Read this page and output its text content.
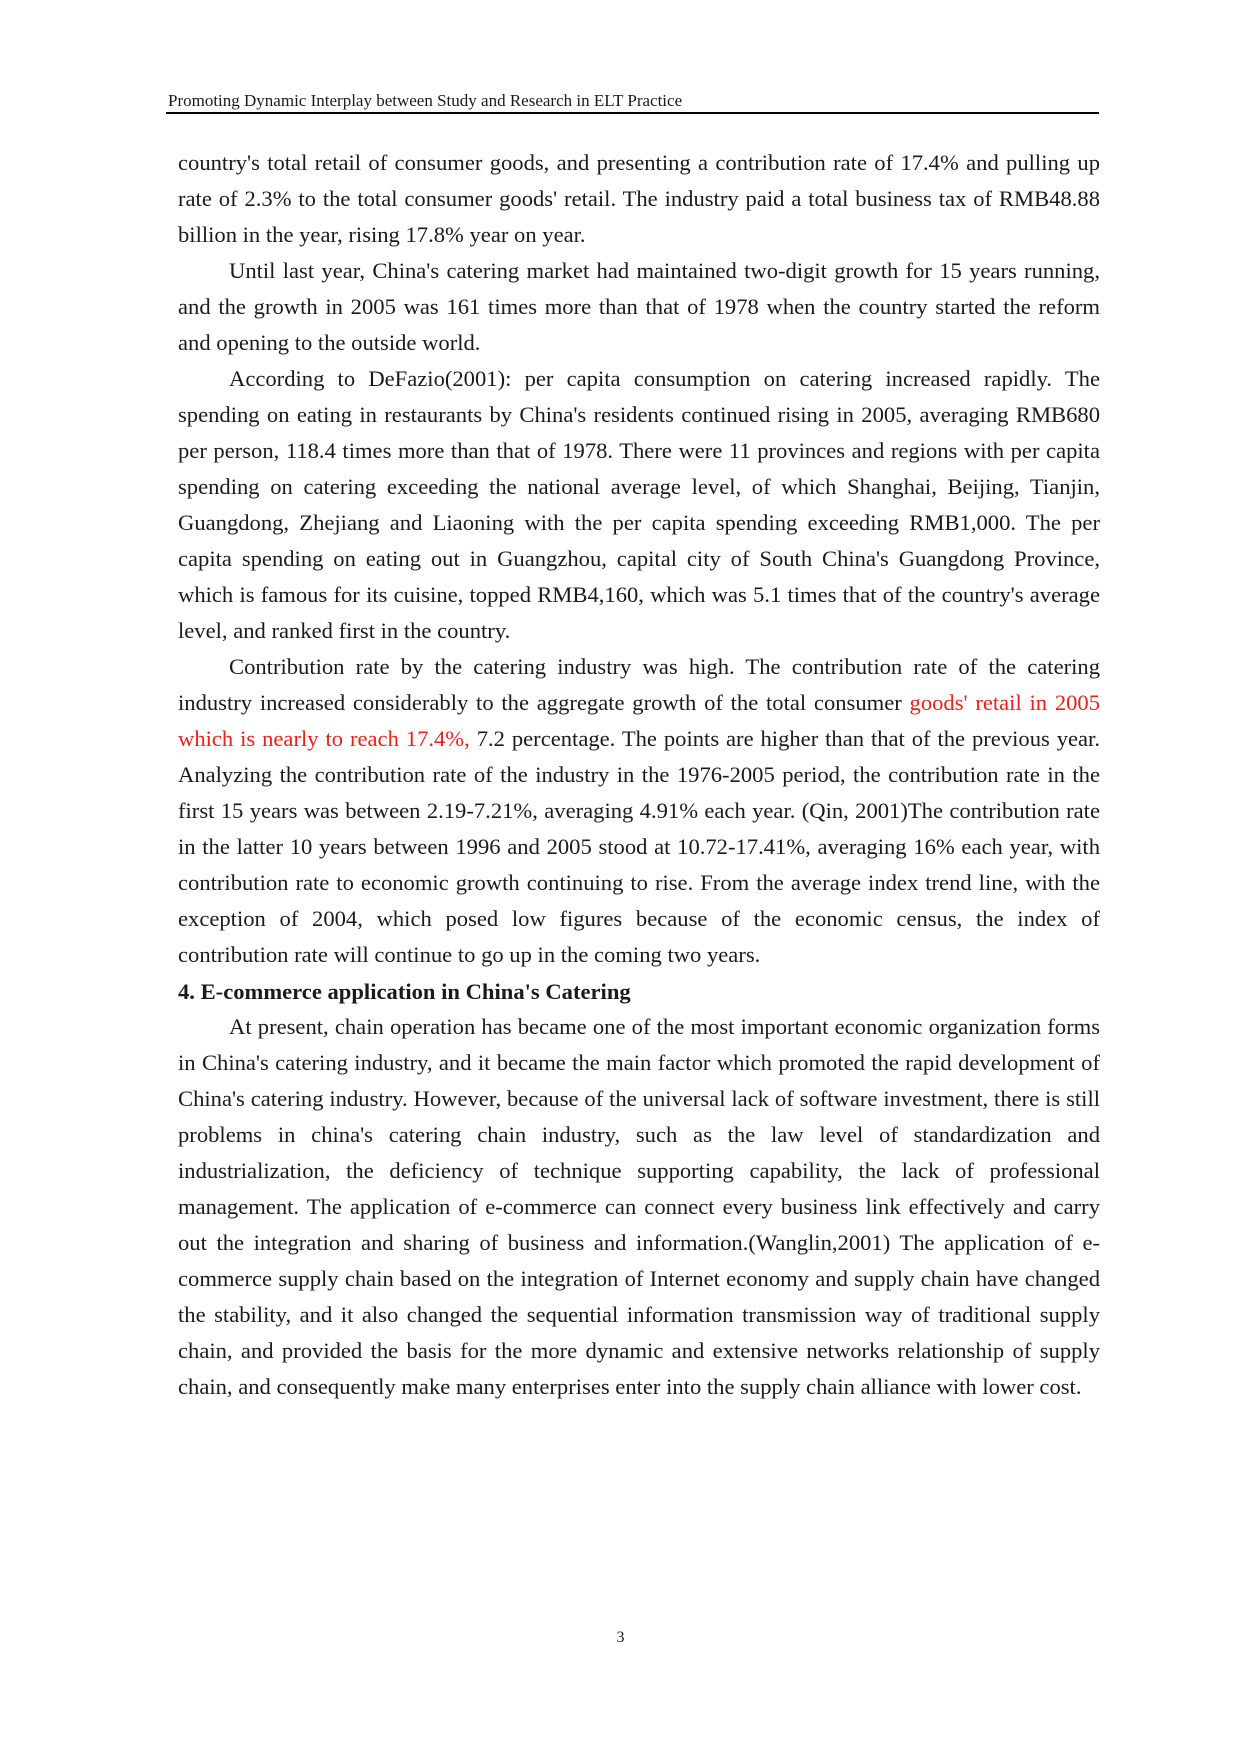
Promoting Dynamic Interplay between Study and Research in ELT Practice

country's total retail of consumer goods, and presenting a contribution rate of 17.4% and pulling up rate of 2.3% to the total consumer goods' retail. The industry paid a total business tax of RMB48.88 billion in the year, rising 17.8% year on year.

Until last year, China's catering market had maintained two-digit growth for 15 years running, and the growth in 2005 was 161 times more than that of 1978 when the country started the reform and opening to the outside world.

According to DeFazio(2001): per capita consumption on catering increased rapidly. The spending on eating in restaurants by China's residents continued rising in 2005, averaging RMB680 per person, 118.4 times more than that of 1978. There were 11 provinces and regions with per capita spending on catering exceeding the national average level, of which Shanghai, Beijing, Tianjin, Guangdong, Zhejiang and Liaoning with the per capita spending exceeding RMB1,000. The per capita spending on eating out in Guangzhou, capital city of South China's Guangdong Province, which is famous for its cuisine, topped RMB4,160, which was 5.1 times that of the country's average level, and ranked first in the country.

Contribution rate by the catering industry was high. The contribution rate of the catering industry increased considerably to the aggregate growth of the total consumer goods' retail in 2005 which is nearly to reach 17.4%, 7.2 percentage. The points are higher than that of the previous year. Analyzing the contribution rate of the industry in the 1976-2005 period, the contribution rate in the first 15 years was between 2.19-7.21%, averaging 4.91% each year. (Qin, 2001)The contribution rate in the latter 10 years between 1996 and 2005 stood at 10.72-17.41%, averaging 16% each year, with contribution rate to economic growth continuing to rise. From the average index trend line, with the exception of 2004, which posed low figures because of the economic census, the index of contribution rate will continue to go up in the coming two years.

4. E-commerce application in China's Catering

At present, chain operation has became one of the most important economic organization forms in China's catering industry, and it became the main factor which promoted the rapid development of China's catering industry. However, because of the universal lack of software investment, there is still problems in china's catering chain industry, such as the law level of standardization and industrialization, the deficiency of technique supporting capability, the lack of professional management. The application of e-commerce can connect every business link effectively and carry out the integration and sharing of business and information.(Wanglin,2001) The application of e-commerce supply chain based on the integration of Internet economy and supply chain have changed the stability, and it also changed the sequential information transmission way of traditional supply chain, and provided the basis for the more dynamic and extensive networks relationship of supply chain, and consequently make many enterprises enter into the supply chain alliance with lower cost.

3
